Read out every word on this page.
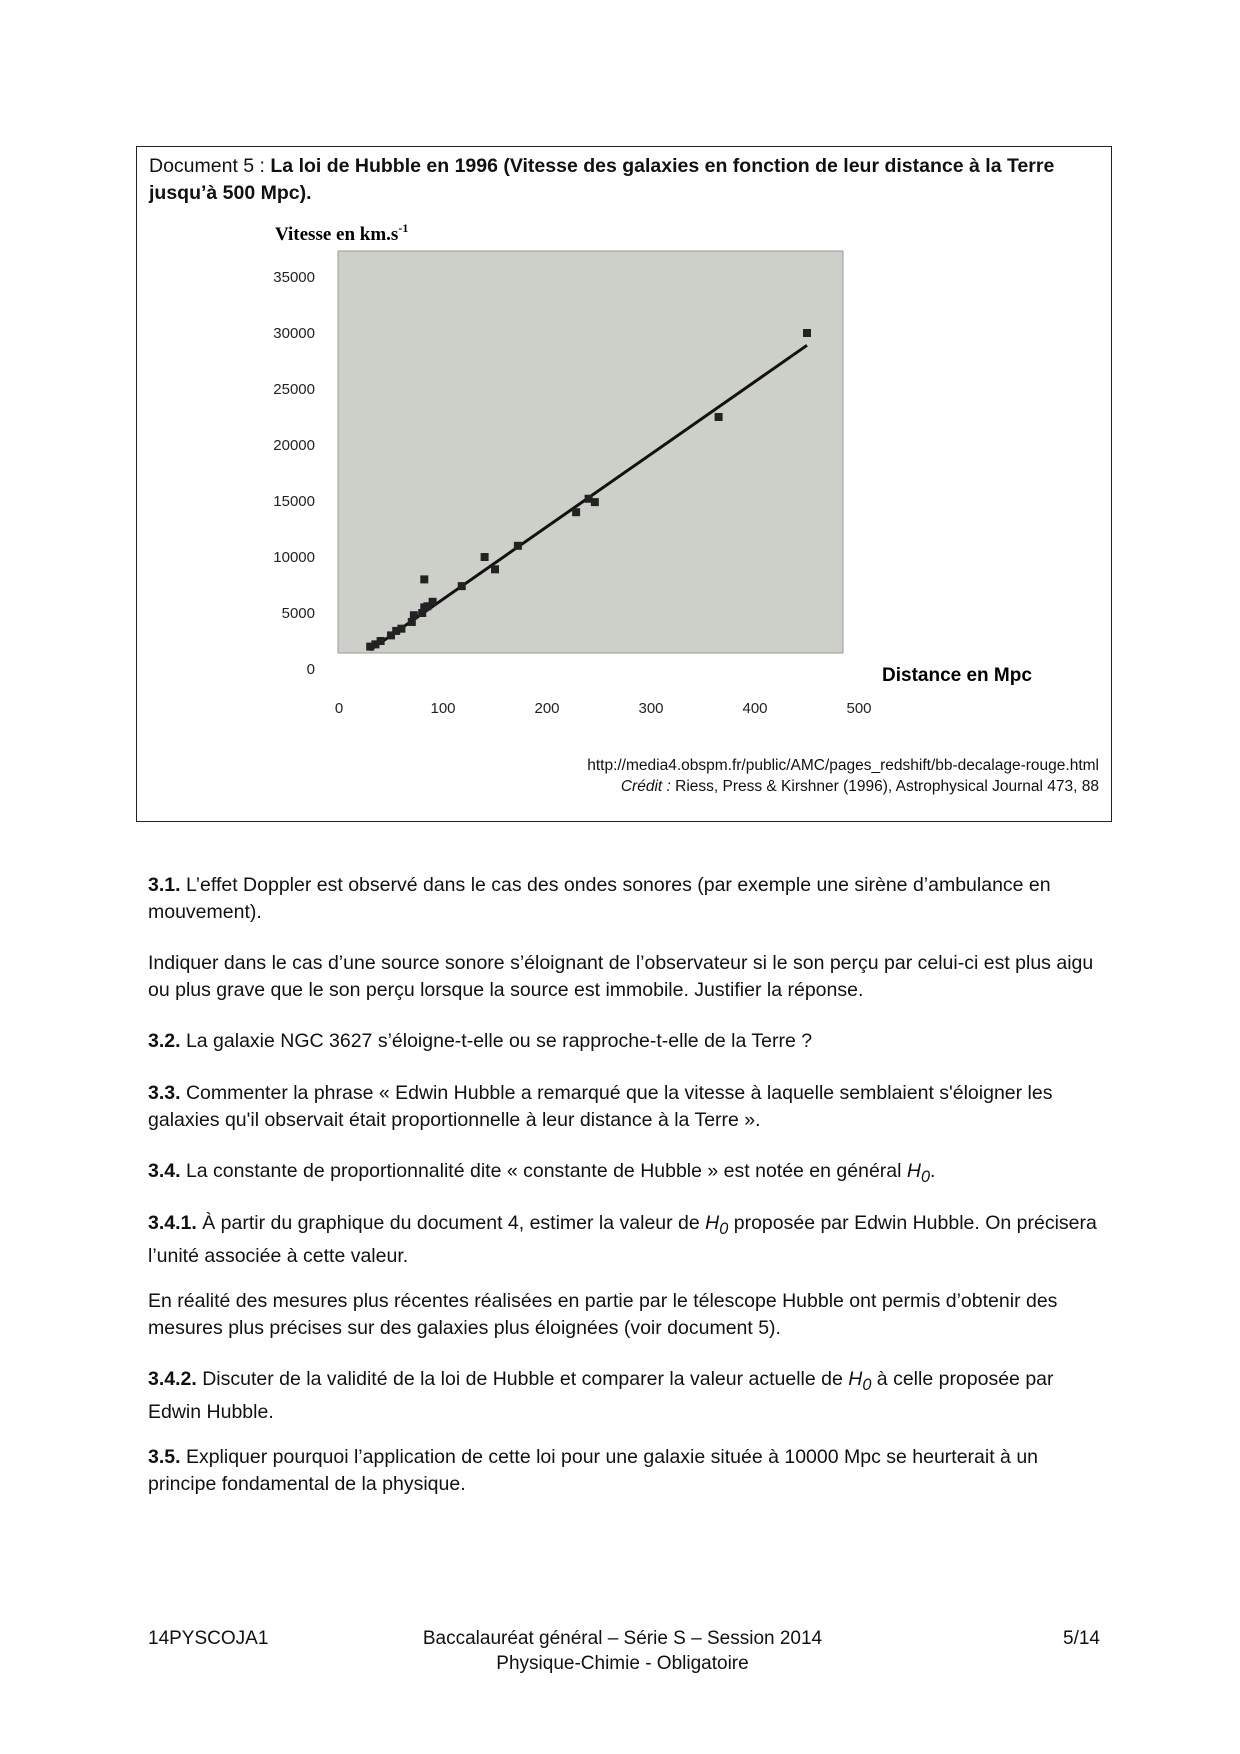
Document 5 : La loi de Hubble en 1996 (Vitesse des galaxies en fonction de leur distance à la Terre jusqu’à 500 Mpc).
Vitesse en $km.s^{-1}$
0
5000
10000
15000
20000
25000
30000
35000
0	100	200	300	400	500
Distance en Mpc
http://media4.obspm.fr/public/AMC/pages_redshift/bb-decalage-rouge.html
Crédit : Riess, Press & Kirshner (1996), Astrophysical Journal 473, 88
3.1. L’effet Doppler est observé dans le cas des ondes sonores (par exemple une sirène d’ambulance en mouvement).
Indiquer dans le cas d’une source sonore s’éloignant de l’observateur si le son perçu par celui-ci est plus aigu ou plus grave que le son perçu lorsque la source est immobile. Justifier la réponse.
3.2. La galaxie NGC 3627 s’éloigne-t-elle ou se rapproche-t-elle de la Terre ?
3.3. Commenter la phrase « Edwin Hubble a remarqué que la vitesse à laquelle semblaient s'éloigner les galaxies qu'il observait était proportionnelle à leur distance à la Terre ».
3.4. La constante de proportionnalité dite « constante de Hubble » est notée en général $H_0$.
3.4.1. À partir du graphique du document 4, estimer la valeur de $H_0$ proposée par Edwin Hubble. On précisera l’unité associée à cette valeur.
En réalité des mesures plus récentes réalisées en partie par le télescope Hubble ont permis d’obtenir des mesures plus précises sur des galaxies plus éloignées (voir document 5).
3.4.2. Discuter de la validité de la loi de Hubble et comparer la valeur actuelle de $H_0$ à celle proposée par Edwin Hubble.
3.5. Expliquer pourquoi l’application de cette loi pour une galaxie située à 10000 Mpc se heurterait à un principe fondamental de la physique.
14PYSCOJA1	Baccalauréat général – Série S – Session 2014
Physique-Chimie - Obligatoire
5/14
